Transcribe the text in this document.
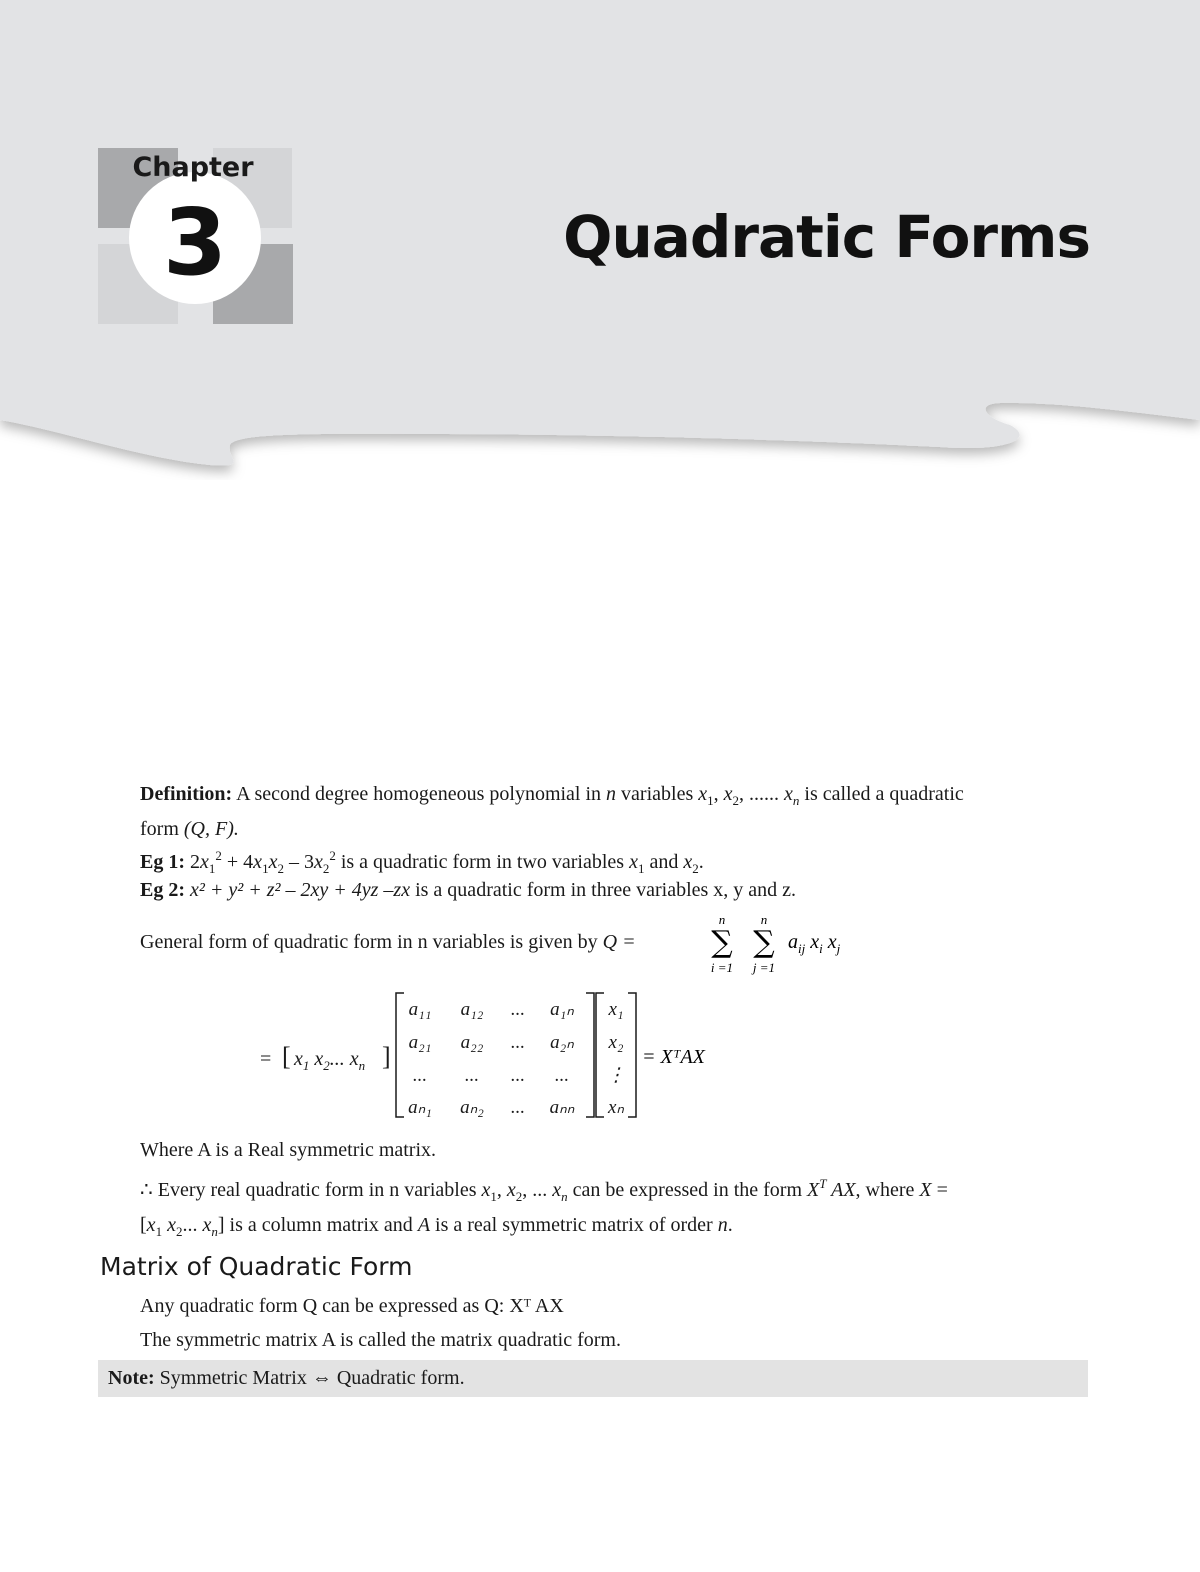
Chapter
3	Quadratic Forms
Definition: A second degree homogeneous polynomial in n variables $x_1$, $x_2$, ...... $x_n$ is called a quadratic
form (Q, F).
Eg 1: $2x_1^2 + 4x_1x_2 - 3x_2^2$ is a quadratic form in two variables $x_1$ and $x_2$.
Eg 2: x² + y² + z² – 2xy + 4yz –zx is a quadratic form in three variables x, y and z.
General form of quadratic form in n variables is given by Q =
n
∑
i =1
n
∑
j =1
$a_{ij}$ $x_i$ $x_j$
= [ $x_1$ $x_2$... $x_n$ ]
a₁₁ a₁₂ ... a₁ₙ
a₂₁ a₂₂ ... a₂ₙ
... ... ... ...
aₙ₁ aₙ₂ ... aₙₙ
x₁
x₂
⋮
xₙ
= XᵀAX
Where A is a Real symmetric matrix.
∴ Every real quadratic form in n variables $x_1$, $x_2$, ... $x_n$ can be expressed in the form $X^T$ AX, where X =
[$x_1$ $x_2$... $x_n$] is a column matrix and A is a real symmetric matrix of order n.
Matrix of Quadratic Form
Any quadratic form Q can be expressed as Q: Xᵀ AX
The symmetric matrix A is called the matrix quadratic form.
Note: Symmetric Matrix ⇔ Quadratic form.
